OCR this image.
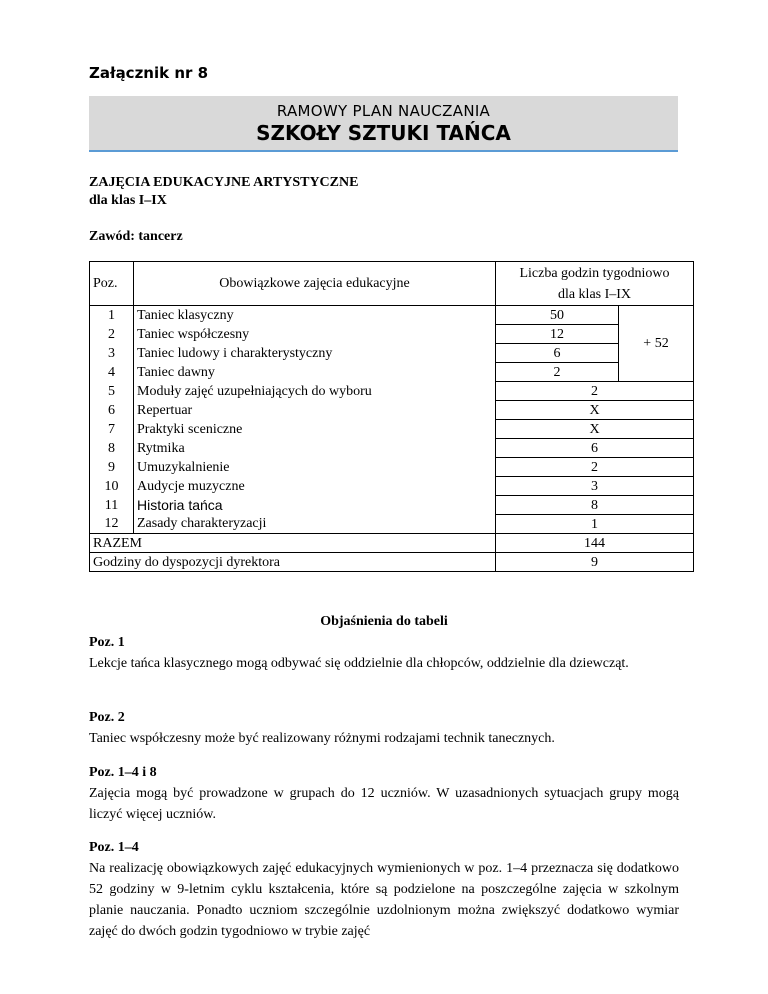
Załącznik nr 8
RAMOWY PLAN NAUCZANIA
SZKOŁY SZTUKI TAŃCA
ZAJĘCIA EDUKACYJNE ARTYSTYCZNE
dla klas I–IX
Zawód: tancerz
Poz.	Obowiązkowe zajęcia edukacyjne	Liczba godzin tygodniowo
dla klas I–IX	

1	Taniec klasyczny	50	+ 52
2	Taniec współczesny	12	
3	Taniec ludowy i charakterystyczny	6	
4	Taniec dawny	2	
5	Moduły zajęć uzupełniających do wyboru	2	
6	Repertuar	X	
7	Praktyki sceniczne	X	
8	Rytmika	6	
9	Umuzykalnienie	2	
10	Audycje muzyczne	3	
11	Historia tańca	8	
12	Zasady charakteryzacji	1	
RAZEM		144	
Godziny do dyspozycji dyrektora		9	
Objaśnienia do tabeli
Poz. 1
Lekcje tańca klasycznego mogą odbywać się oddzielnie dla chłopców, oddzielnie dla dziewcząt.
Poz. 2
Taniec współczesny może być realizowany różnymi rodzajami technik tanecznych.
Poz. 1–4 i 8
Zajęcia mogą być prowadzone w grupach do 12 uczniów. W uzasadnionych sytuacjach grupy mogą liczyć więcej uczniów.
Poz. 1–4
Na realizację obowiązkowych zajęć edukacyjnych wymienionych w poz. 1–4 przeznacza się dodatkowo 52 godziny w 9-letnim cyklu kształcenia, które są podzielone na poszczególne zajęcia w szkolnym planie nauczania. Ponadto uczniom szczególnie uzdolnionym można zwiększyć dodatkowo wymiar zajęć do dwóch godzin tygodniowo w trybie zajęć
